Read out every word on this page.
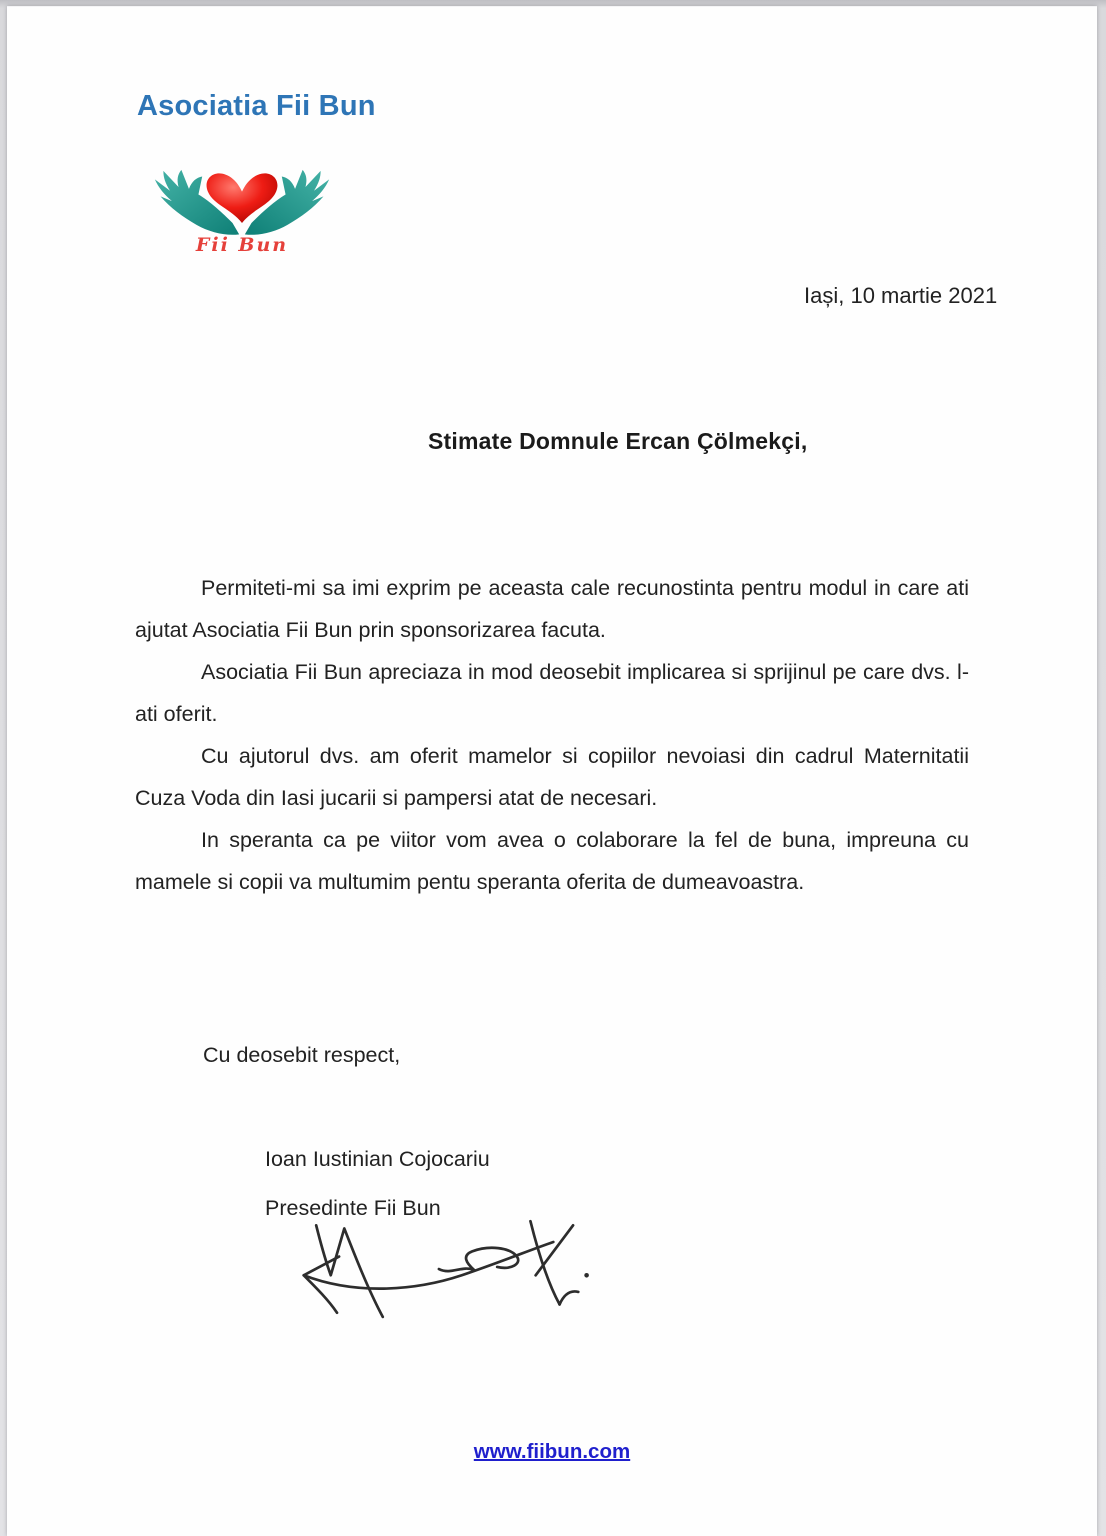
Asociatia Fii Bun
Fii Bun
Iași, 10 martie 2021
Stimate Domnule Ercan Çölmekçi,

Permiteti-mi sa imi exprim pe aceasta cale recunostinta pentru modul in care ati ajutat Asociatia Fii Bun prin sponsorizarea facuta.

Asociatia Fii Bun apreciaza in mod deosebit implicarea si sprijinul pe care dvs. l-ati oferit.

Cu ajutorul dvs. am oferit mamelor si copiilor nevoiasi din cadrul Maternitatii Cuza Voda din Iasi jucarii si pampersi atat de necesari.

In speranta ca pe viitor vom avea o colaborare la fel de buna, impreuna cu mamele si copii va multumim pentu speranta oferita de dumeavoastra.

Cu deosebit respect,
Ioan Iustinian Cojocariu
Presedinte Fii Bun
www.fiibun.com
